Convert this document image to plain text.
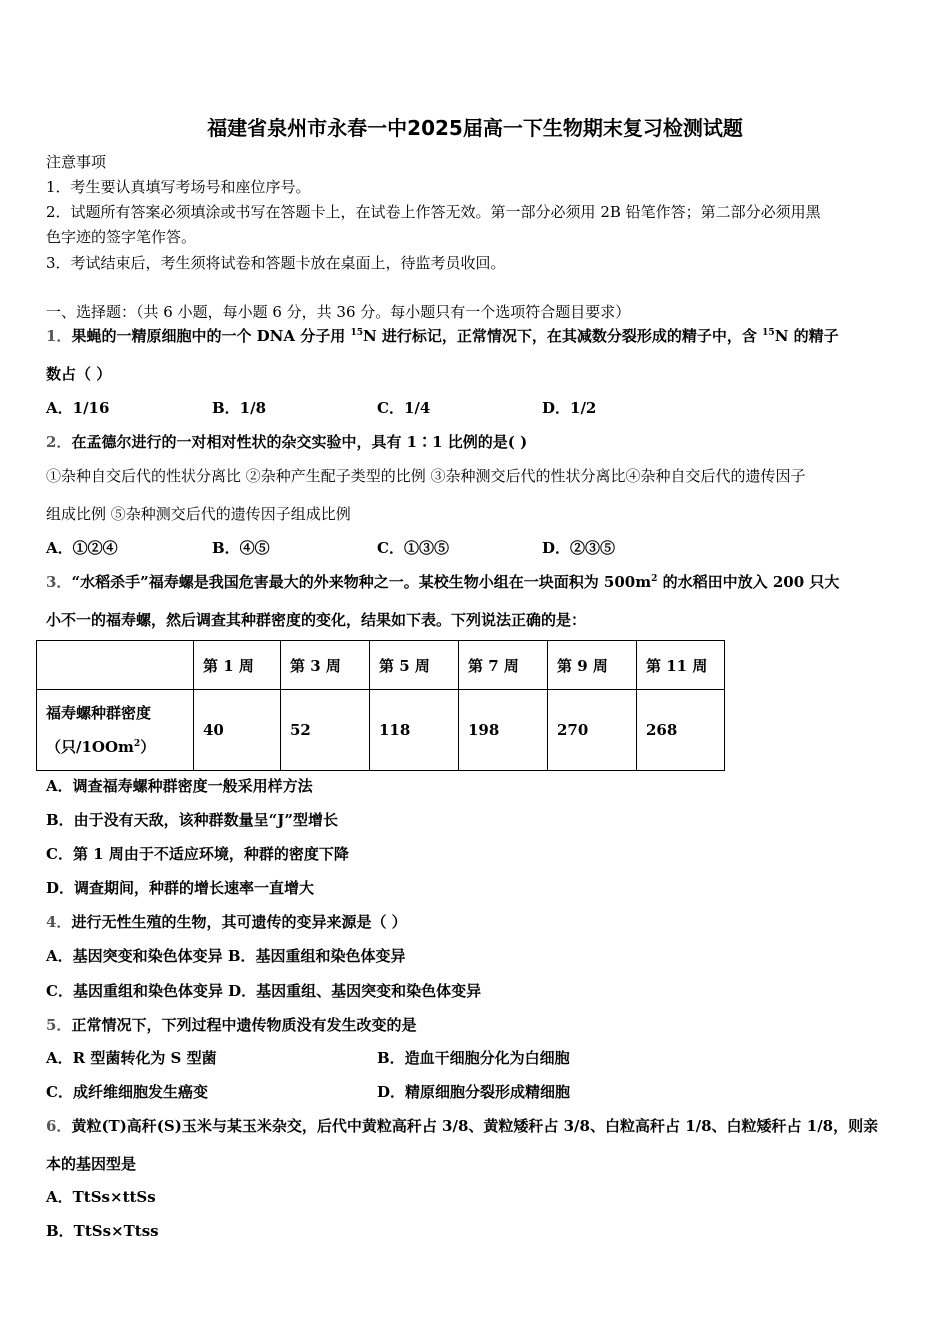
福建省泉州市永春一中2025届高一下生物期末复习检测试题
注意事项
1．考生要认真填写考场号和座位序号。
2．试题所有答案必须填涂或书写在答题卡上，在试卷上作答无效。第一部分必须用 2B 铅笔作答；第二部分必须用黑
色字迹的签字笔作答。
3．考试结束后，考生须将试卷和答题卡放在桌面上，待监考员收回。
一、选择题：（共 6 小题，每小题 6 分，共 36 分。每小题只有一个选项符合题目要求）
1．果蝇的一精原细胞中的一个 DNA 分子用 $^{15}$N 进行标记，正常情况下，在其减数分裂形成的精子中，含 $^{15}$N 的精子
数占（ ）
A．1/16	B．1/8	C．1/4	D．1/2
2．在孟德尔进行的一对相对性状的杂交实验中，具有 1∶1 比例的是( )
①杂种自交后代的性状分离比 ②杂种产生配子类型的比例 ③杂种测交后代的性状分离比④杂种自交后代的遗传因子
组成比例 ⑤杂种测交后代的遗传因子组成比例
A．①②④	B．④⑤	C．①③⑤	D．②③⑤
3．“水稻杀手”福寿螺是我国危害最大的外来物种之一。某校生物小组在一块面积为 $500m^2$ 的水稻田中放入 200 只大
小不一的福寿螺，然后调查其种群密度的变化，结果如下表。下列说法正确的是：
	第 1 周	第 3 周	第 5 周	第 7 周	第 9 周	第 11 周

福寿螺种群密度
（只/1OOm$^2$）	40	52	118	198	270	268
A．调查福寿螺种群密度一般采用样方法
B．由于没有天敌，该种群数量呈“J”型增长
C．第 1 周由于不适应环境，种群的密度下降
D．调查期间，种群的增长速率一直增大
4．进行无性生殖的生物，其可遗传的变异来源是（ ）
A．基因突变和染色体变异 B．基因重组和染色体变异
C．基因重组和染色体变异 D．基因重组、基因突变和染色体变异
5．正常情况下，下列过程中遗传物质没有发生改变的是
A．R 型菌转化为 S 型菌	B．造血干细胞分化为白细胞
C．成纤维细胞发生癌变	D．精原细胞分裂形成精细胞
6．黄粒(T)高秆(S)玉米与某玉米杂交，后代中黄粒高秆占 3/8、黄粒矮秆占 3/8、白粒高秆占 1/8、白粒矮秆占 1/8，则亲
本的基因型是
A．TtSs×ttSs
B．TtSs×Ttss
